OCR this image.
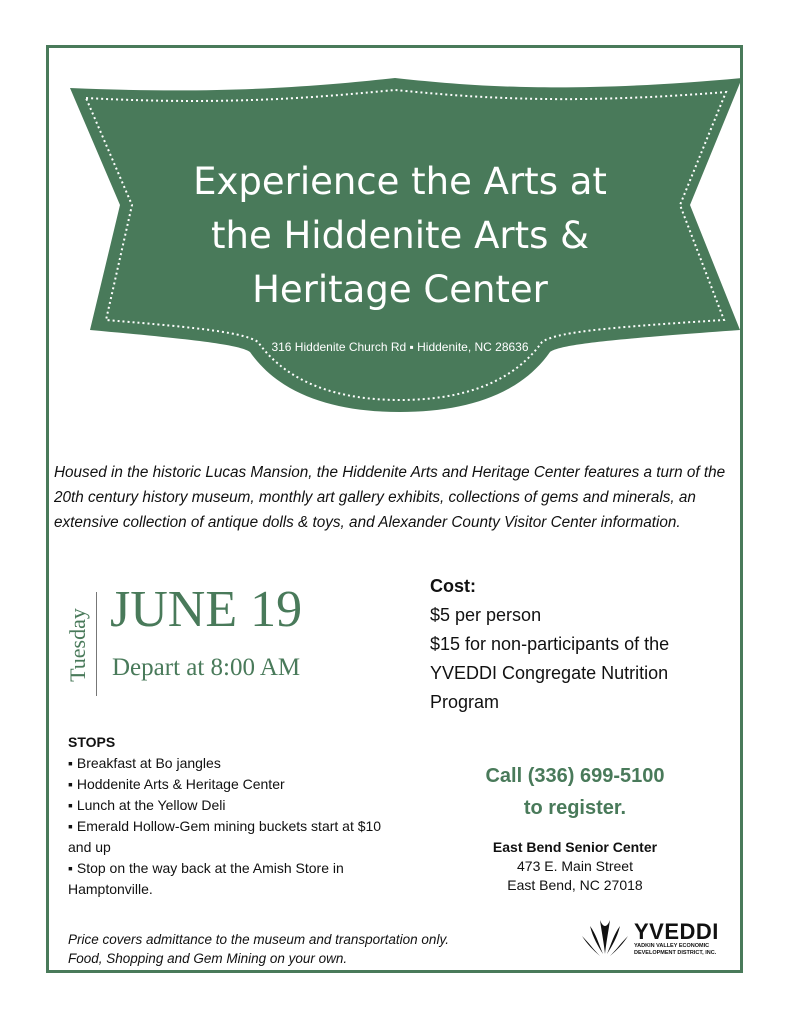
Experience the Arts at
the Hiddenite Arts &
Heritage Center
316 Hiddenite Church Rd ▪ Hiddenite, NC 28636
Housed in the historic Lucas Mansion, the Hiddenite Arts and Heritage Center features a turn of the 20th century history museum, monthly art gallery exhibits, collections of gems and minerals, an extensive collection of antique dolls & toys, and Alexander County Visitor Center information.
Tuesday JUNE 19
Depart at 8:00 AM
Cost:
$5 per person
$15 for non-participants of the
YVEDDI Congregate Nutrition
Program
STOPS
▪ Breakfast at Bo jangles
▪ Hoddenite Arts & Heritage Center
▪ Lunch at the Yellow Deli
▪ Emerald Hollow-Gem mining buckets start at $10 and up
▪ Stop on the way back at the Amish Store in Hamptonville.
Call (336) 699-5100
to register.
East Bend Senior Center
473 E. Main Street
East Bend, NC 27018
Price covers admittance to the museum and transportation only.
Food, Shopping and Gem Mining on your own.
YVEDDI
YADKIN VALLEY ECONOMIC
DEVELOPMENT DISTRICT, INC.
